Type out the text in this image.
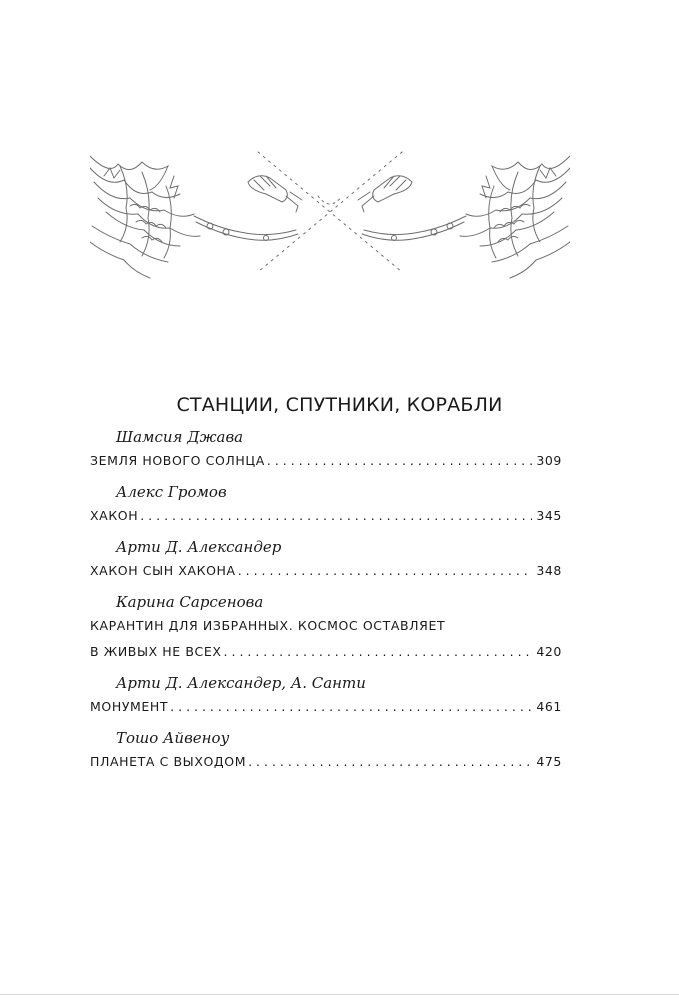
СТАНЦИИ, СПУТНИКИ, КОРАБЛИ
Шамсия Джава
ЗЕМЛЯ НОВОГО СОЛНЦА . . .	309
Алекс Громов
ХАКОН . . .	345
Арти Д. Александер
ХАКОН СЫН ХАКОНА . . .	348
Карина Сарсенова
КАРАНТИН ДЛЯ ИЗБРАННЫХ. КОСМОС ОСТАВЛЯЕТ
В ЖИВЫХ НЕ ВСЕХ . . .	420
Арти Д. Александер, А. Санти
МОНУМЕНТ . . .	461
Тошо Айвеноу
ПЛАНЕТА С ВЫХОДОМ . . .	475
